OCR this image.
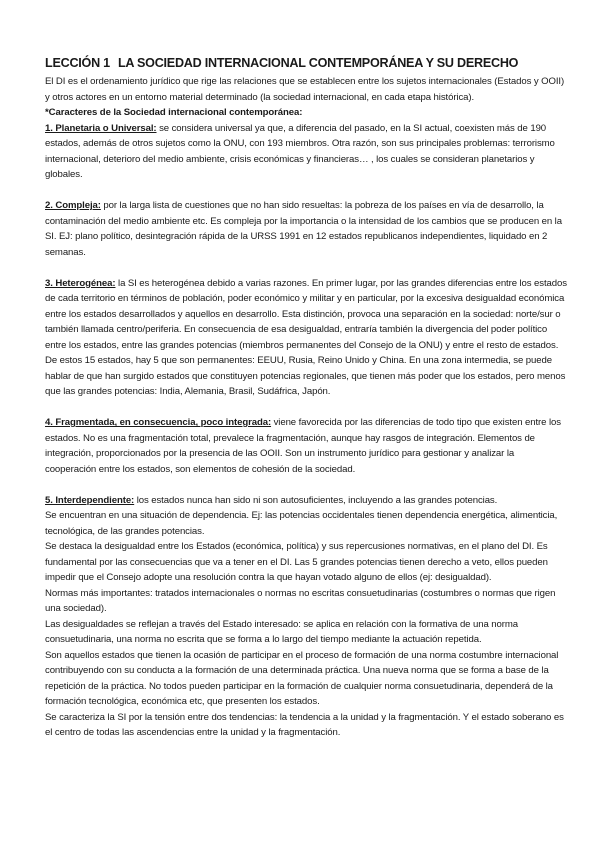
LECCIÓN 1 LA SOCIEDAD INTERNACIONAL CONTEMPORÁNEA Y SU DERECHO

El DI es el ordenamiento jurídico que rige las relaciones que se establecen entre los sujetos internacionales (Estados y OOII) y otros actores en un entorno material determinado (la sociedad internacional, en cada etapa histórica).

*Caracteres de la Sociedad internacional contemporánea:

1. Planetaria o Universal: se considera universal ya que, a diferencia del pasado, en la SI actual, coexisten más de 190 estados, además de otros sujetos como la ONU, con 193 miembros. Otra razón, son sus principales problemas: terrorismo internacional, deterioro del medio ambiente, crisis económicas y financieras… , los cuales se consideran planetarios y globales.

2. Compleja: por la larga lista de cuestiones que no han sido resueltas: la pobreza de los países en vía de desarrollo, la contaminación del medio ambiente etc. Es compleja por la importancia o la intensidad de los cambios que se producen en la SI. EJ: plano político, desintegración rápida de la URSS 1991 en 12 estados republicanos independientes, liquidado en 2 semanas.

3. Heterogénea: la SI es heterogénea debido a varias razones. En primer lugar, por las grandes diferencias entre los estados de cada territorio en términos de población, poder económico y militar y en particular, por la excesiva desigualdad económica entre los estados desarrollados y aquellos en desarrollo. Esta distinción, provoca una separación en la sociedad: norte/sur o también llamada centro/periferia. En consecuencia de esa desigualdad, entraría también la divergencia del poder político entre los estados, entre las grandes potencias (miembros permanentes del Consejo de la ONU) y entre el resto de estados. De estos 15 estados, hay 5 que son permanentes: EEUU, Rusia, Reino Unido y China. En una zona intermedia, se puede hablar de que han surgido estados que constituyen potencias regionales, que tienen más poder que los estados, pero menos que las grandes potencias: India, Alemania, Brasil, Sudáfrica, Japón.

4. Fragmentada, en consecuencia, poco integrada: viene favorecida por las diferencias de todo tipo que existen entre los estados. No es una fragmentación total, prevalece la fragmentación, aunque hay rasgos de integración. Elementos de integración, proporcionados por la presencia de las OOII. Son un instrumento jurídico para gestionar y analizar la cooperación entre los estados, son elementos de cohesión de la sociedad.

5. Interdependiente: los estados nunca han sido ni son autosuficientes, incluyendo a las grandes potencias.

Se encuentran en una situación de dependencia. Ej: las potencias occidentales tienen dependencia energética, alimenticia, tecnológica, de las grandes potencias.

Se destaca la desigualdad entre los Estados (económica, política) y sus repercusiones normativas, en el plano del DI. Es fundamental por las consecuencias que va a tener en el DI. Las 5 grandes potencias tienen derecho a veto, ellos pueden impedir que el Consejo adopte una resolución contra la que hayan votado alguno de ellos (ej: desigualdad).

Normas más importantes: tratados internacionales o normas no escritas consuetudinarias (costumbres o normas que rigen una sociedad).

Las desigualdades se reflejan a través del Estado interesado: se aplica en relación con la formativa de una norma consuetudinaria, una norma no escrita que se forma a lo largo del tiempo mediante la actuación repetida.

Son aquellos estados que tienen la ocasión de participar en el proceso de formación de una norma costumbre internacional contribuyendo con su conducta a la formación de una determinada práctica. Una nueva norma que se forma a base de la repetición de la práctica. No todos pueden participar en la formación de cualquier norma consuetudinaria, dependerá de la formación tecnológica, económica etc, que presenten los estados.

Se caracteriza la SI por la tensión entre dos tendencias: la tendencia a la unidad y la fragmentación. Y el estado soberano es el centro de todas las ascendencias entre la unidad y la fragmentación.
